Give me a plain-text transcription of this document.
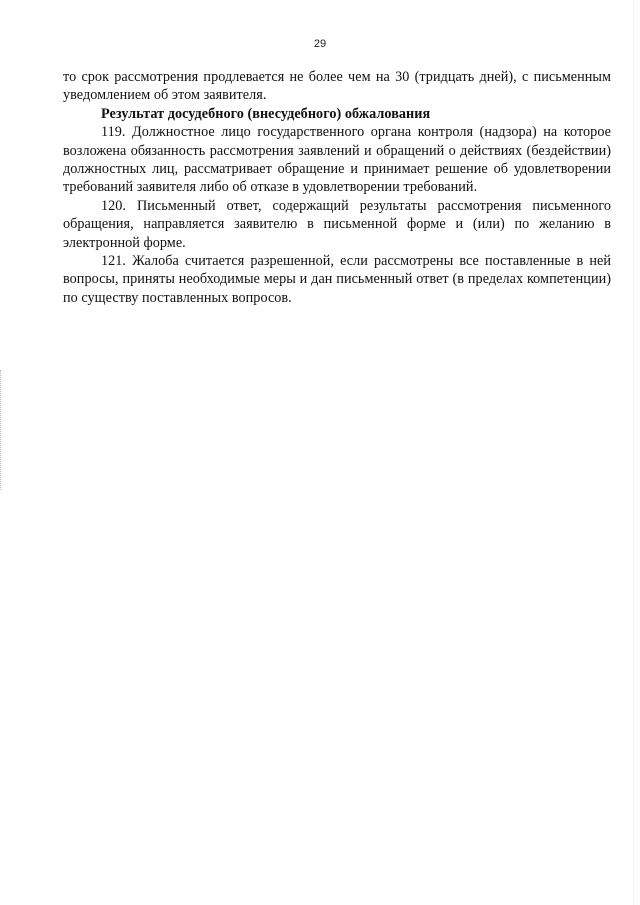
29

то срок рассмотрения продлевается не более чем на 30 (тридцать дней), с письменным уведомлением об этом заявителя.

Результат досудебного (внесудебного) обжалования

119. Должностное лицо государственного органа контроля (надзора) на которое возложена обязанность рассмотрения заявлений и обращений о действиях (бездействии) должностных лиц, рассматривает обращение и принимает решение об удовлетворении требований заявителя либо об отказе в удовлетворении требований.

120. Письменный ответ, содержащий результаты рассмотрения письменного обращения, направляется заявителю в письменной форме и (или) по желанию в электронной форме.

121. Жалоба считается разрешенной, если рассмотрены все поставленные в ней вопросы, приняты необходимые меры и дан письменный ответ (в пределах компетенции) по существу поставленных вопросов.
